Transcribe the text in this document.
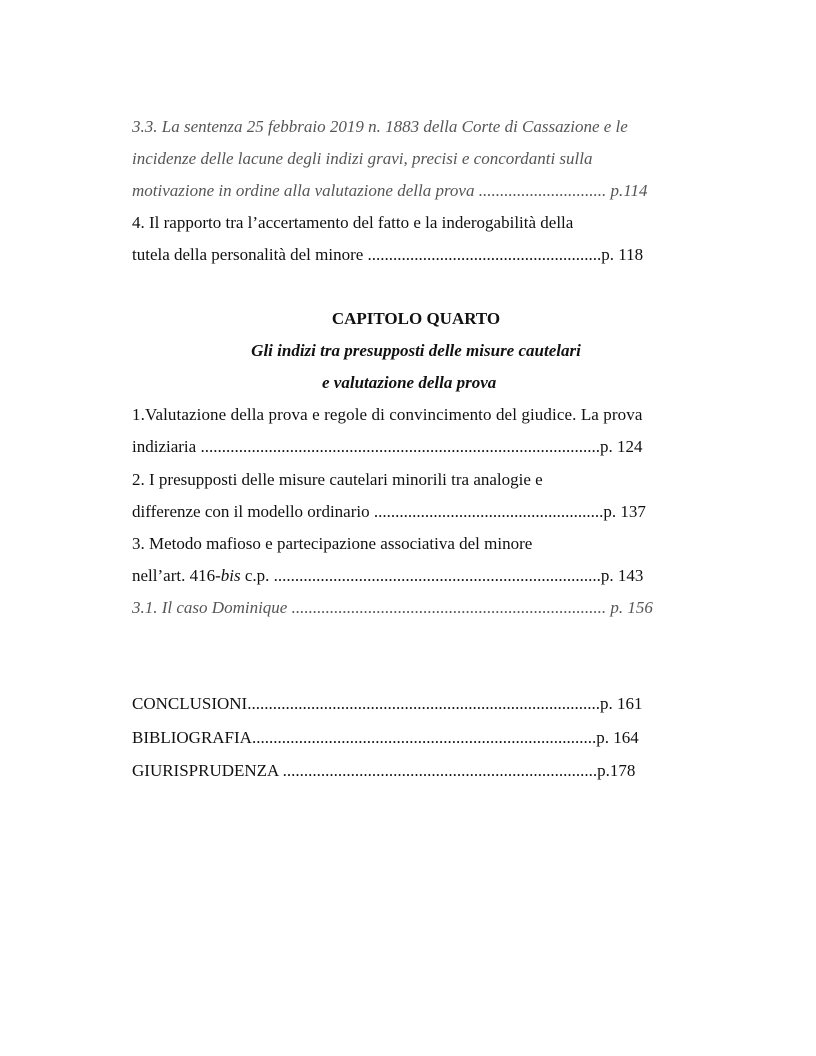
3.3. La sentenza 25 febbraio 2019 n. 1883 della Corte di Cassazione e le
incidenze delle lacune degli indizi gravi, precisi e concordanti sulla
motivazione in ordine alla valutazione della prova .............................. p.114
4. Il rapporto tra l’accertamento del fatto e la inderogabilità della
tutela della personalità del minore .......................................................p. 118
CAPITOLO QUARTO
Gli indizi tra presupposti delle misure cautelari
e valutazione della prova
1.Valutazione della prova e regole di convincimento del giudice. La prova
indiziaria ..............................................................................................p. 124
2. I presupposti delle misure cautelari minorili tra analogie e
differenze con il modello ordinario ......................................................p. 137
3. Metodo mafioso e partecipazione associativa del minore
nell’art. 416-bis c.p. .............................................................................p. 143
3.1. Il caso Dominique .......................................................................... p. 156
CONCLUSIONI...................................................................................p. 161
BIBLIOGRAFIA.................................................................................p. 164
GIURISPRUDENZA ..........................................................................p.178
